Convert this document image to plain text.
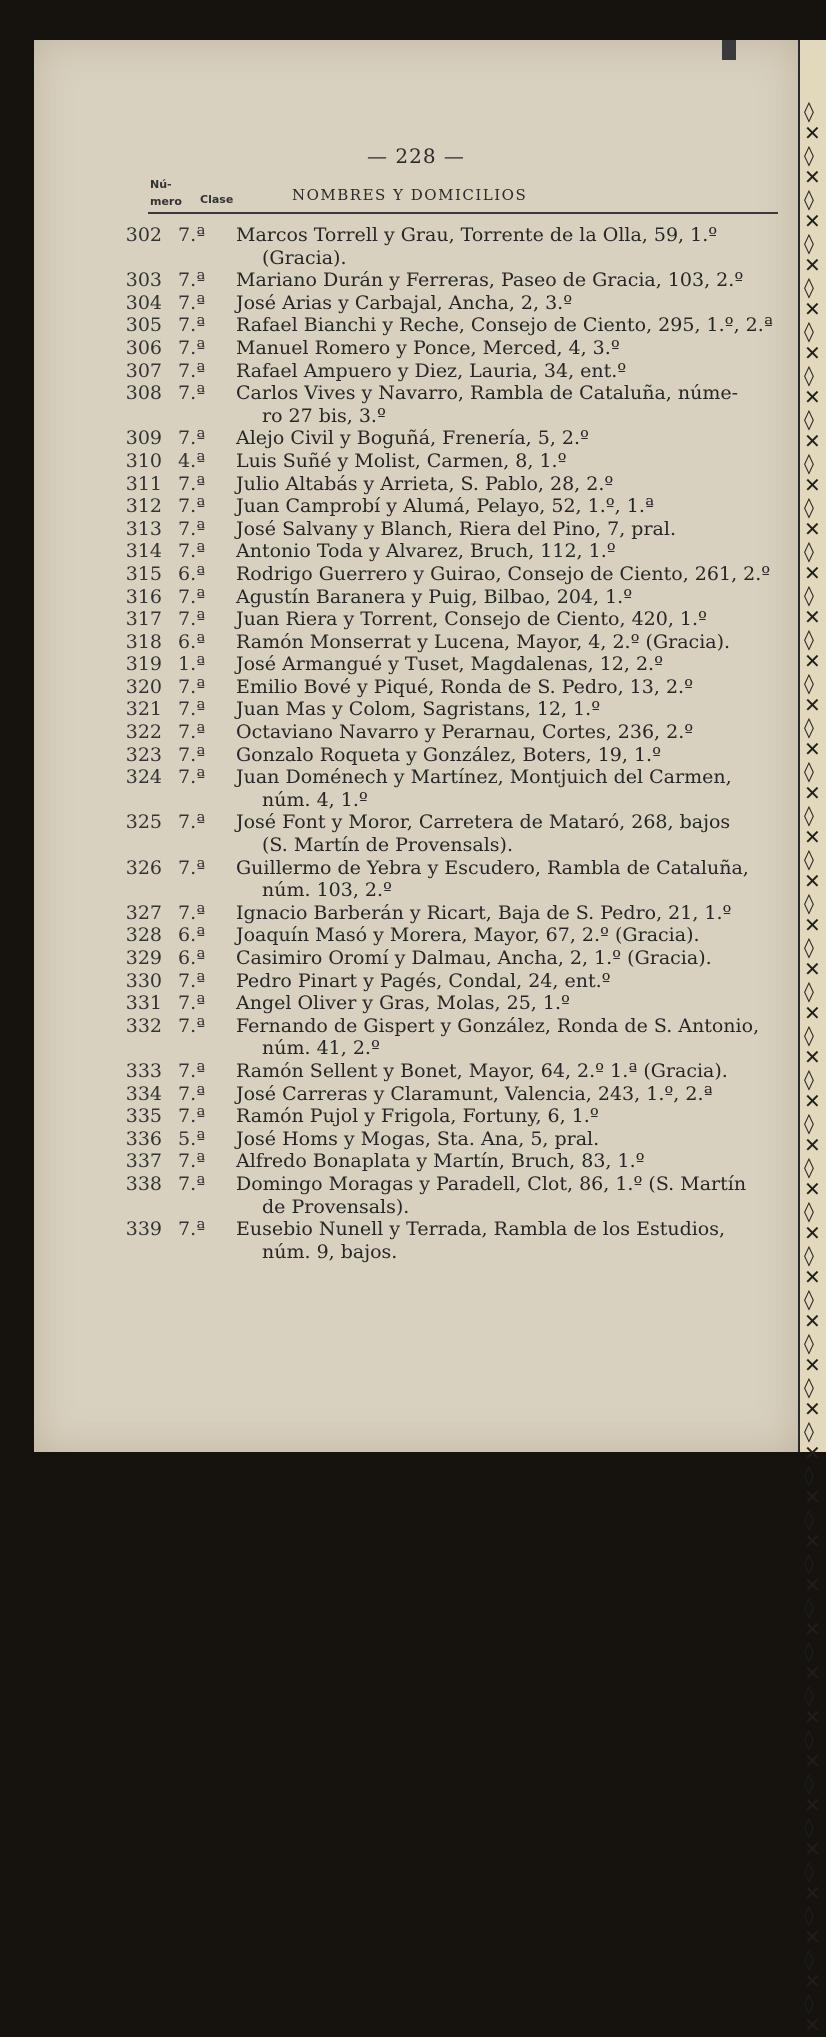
— 228 —
Nú-
mero Clase	NOMBRES Y DOMICILIOS
302 7.ª	Marcos Torrell y Grau, Torrente de la Olla, 59, 1.º
(Gracia).
303 7.ª	Mariano Durán y Ferreras, Paseo de Gracia, 103, 2.º
304 7.ª	José Arias y Carbajal, Ancha, 2, 3.º
305 7.ª	Rafael Bianchi y Reche, Consejo de Ciento, 295, 1.º, 2.ª
306 7.ª	Manuel Romero y Ponce, Merced, 4, 3.º
307 7.ª	Rafael Ampuero y Diez, Lauria, 34, ent.º
308 7.ª	Carlos Vives y Navarro, Rambla de Cataluña, núme-
ro 27 bis, 3.º
309 7.ª	Alejo Civil y Boguñá, Frenería, 5, 2.º
310 4.ª	Luis Suñé y Molist, Carmen, 8, 1.º
311 7.ª	Julio Altabás y Arrieta, S. Pablo, 28, 2.º
312 7.ª	Juan Camprobí y Alumá, Pelayo, 52, 1.º, 1.ª
313 7.ª	José Salvany y Blanch, Riera del Pino, 7, pral.
314 7.ª	Antonio Toda y Alvarez, Bruch, 112, 1.º
315 6.ª	Rodrigo Guerrero y Guirao, Consejo de Ciento, 261, 2.º
316 7.ª	Agustín Baranera y Puig, Bilbao, 204, 1.º
317 7.ª	Juan Riera y Torrent, Consejo de Ciento, 420, 1.º
318 6.ª	Ramón Monserrat y Lucena, Mayor, 4, 2.º (Gracia).
319 1.ª	José Armangué y Tuset, Magdalenas, 12, 2.º
320 7.ª	Emilio Bové y Piqué, Ronda de S. Pedro, 13, 2.º
321 7.ª	Juan Mas y Colom, Sagristans, 12, 1.º
322 7.ª	Octaviano Navarro y Perarnau, Cortes, 236, 2.º
323 7.ª	Gonzalo Roqueta y González, Boters, 19, 1.º
324 7.ª	Juan Doménech y Martínez, Montjuich del Carmen,
núm. 4, 1.º
325 7.ª	José Font y Moror, Carretera de Mataró, 268, bajos
(S. Martín de Provensals).
326 7.ª	Guillermo de Yebra y Escudero, Rambla de Cataluña,
núm. 103, 2.º
327 7.ª	Ignacio Barberán y Ricart, Baja de S. Pedro, 21, 1.º
328 6.ª	Joaquín Masó y Morera, Mayor, 67, 2.º (Gracia).
329 6.ª	Casimiro Oromí y Dalmau, Ancha, 2, 1.º (Gracia).
330 7.ª	Pedro Pinart y Pagés, Condal, 24, ent.º
331 7.ª	Angel Oliver y Gras, Molas, 25, 1.º
332 7.ª	Fernando de Gispert y González, Ronda de S. Antonio,
núm. 41, 2.º
333 7.ª	Ramón Sellent y Bonet, Mayor, 64, 2.º 1.ª (Gracia).
334 7.ª	José Carreras y Claramunt, Valencia, 243, 1.º, 2.ª
335 7.ª	Ramón Pujol y Frigola, Fortuny, 6, 1.º
336 5.ª	José Homs y Mogas, Sta. Ana, 5, pral.
337 7.ª	Alfredo Bonaplata y Martín, Bruch, 83, 1.º
338 7.ª	Domingo Moragas y Paradell, Clot, 86, 1.º (S. Martín
de Provensals).
339 7.ª	Eusebio Nunell y Terrada, Rambla de los Estudios,
núm. 9, bajos.
◊
✕
◊
✕
◊
✕
◊
✕
◊
✕
◊
✕
◊
✕
◊
✕
◊
✕
◊
✕
◊
✕
◊
✕
◊
✕
◊
✕
◊
✕
◊
✕
◊
✕
◊
✕
◊
✕
◊
✕
◊
✕
◊
✕
◊
✕
◊
✕
◊
✕
◊
✕
◊
✕
◊
✕
◊
✕
◊
✕
◊
✕
◊
✕
◊
✕
◊
✕
◊
✕
◊
✕
◊
✕
◊
✕
◊
✕
◊
✕
◊
✕
◊
✕
◊
✕
◊
✕
